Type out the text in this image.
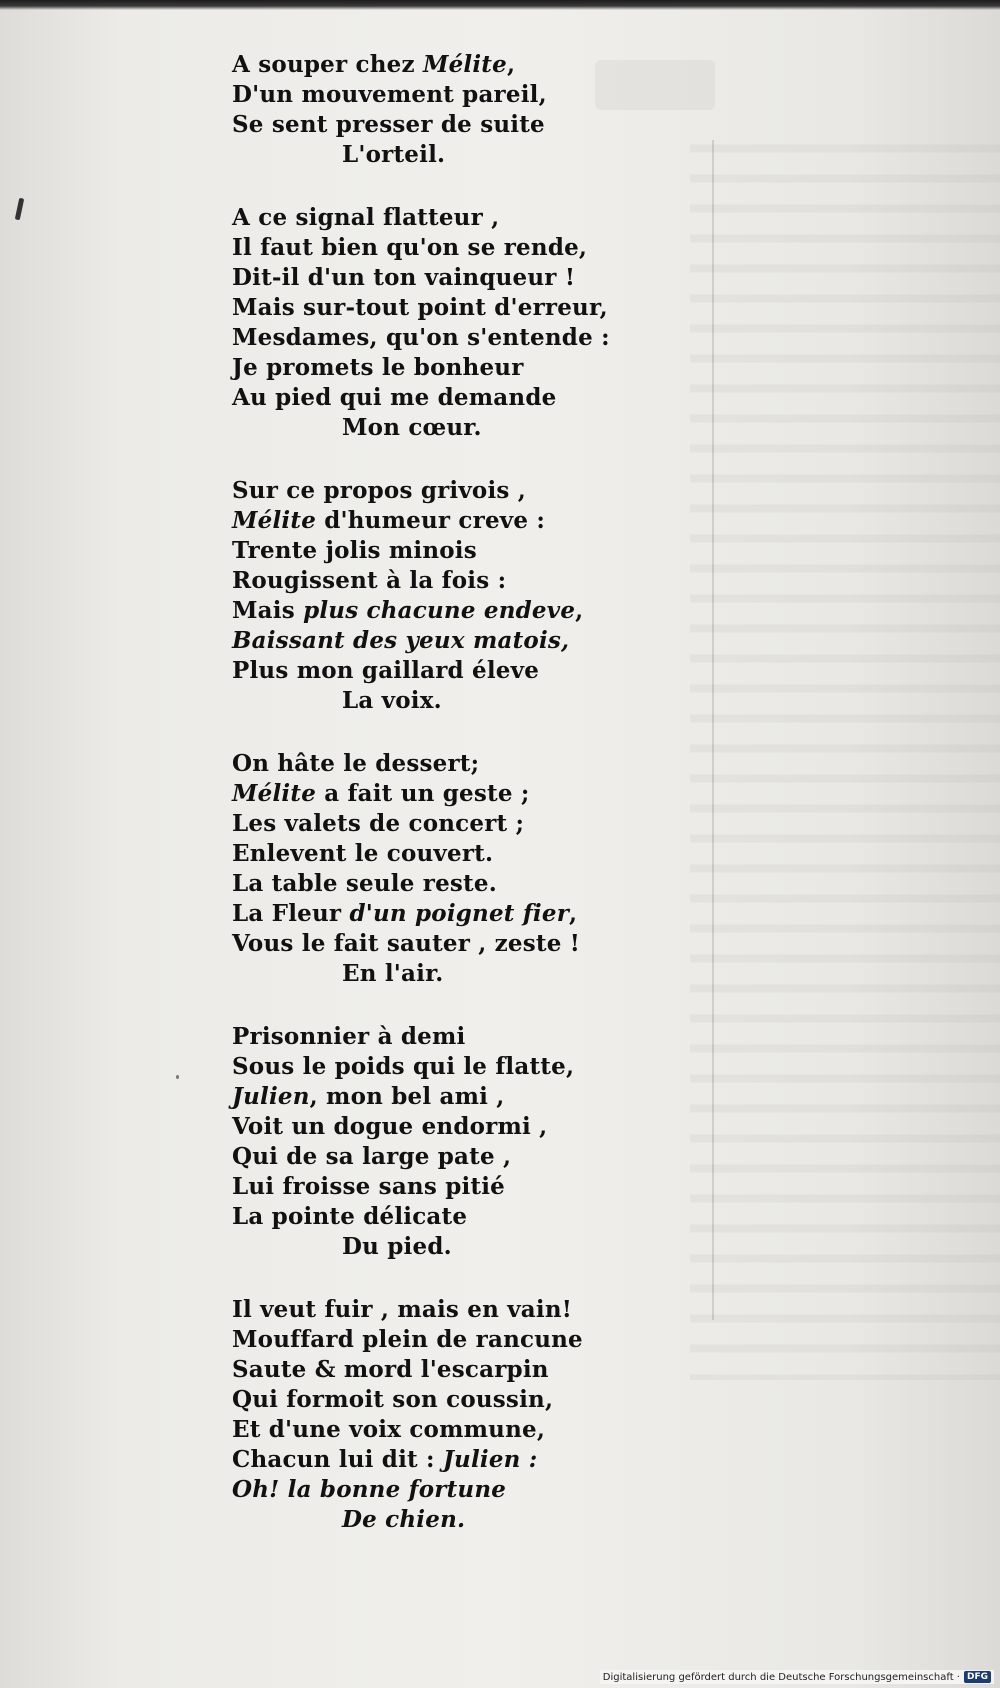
A souper chez Mélite,
D'un mouvement pareil,
Se sent presser de suite
L'orteil.
A ce signal flatteur ,
Il faut bien qu'on se rende,
Dit-il d'un ton vainqueur !
Mais sur-tout point d'erreur,
Mesdames, qu'on s'entende :
Je promets le bonheur
Au pied qui me demande
Mon cœur.
Sur ce propos grivois ,
Mélite d'humeur creve :
Trente jolis minois
Rougissent à la fois :
Mais plus chacune endeve,
Baissant des yeux matois,
Plus mon gaillard éleve
La voix.
On hâte le dessert;
Mélite a fait un geste ;
Les valets de concert ;
Enlevent le couvert.
La table seule reste.
La Fleur d'un poignet fier,
Vous le fait sauter , zeste !
En l'air.
Prisonnier à demi
Sous le poids qui le flatte,
Julien, mon bel ami ,
Voit un dogue endormi ,
Qui de sa large pate ,
Lui froisse sans pitié
La pointe délicate
Du pied.
Il veut fuir , mais en vain!
Mouffard plein de rancune
Saute & mord l'escarpin
Qui formoit son coussin,
Et d'une voix commune,
Chacun lui dit : Julien :
Oh! la bonne fortune
De chien.
Digitalisierung gefördert durch die Deutsche Forschungsgemeinschaft · DFG
